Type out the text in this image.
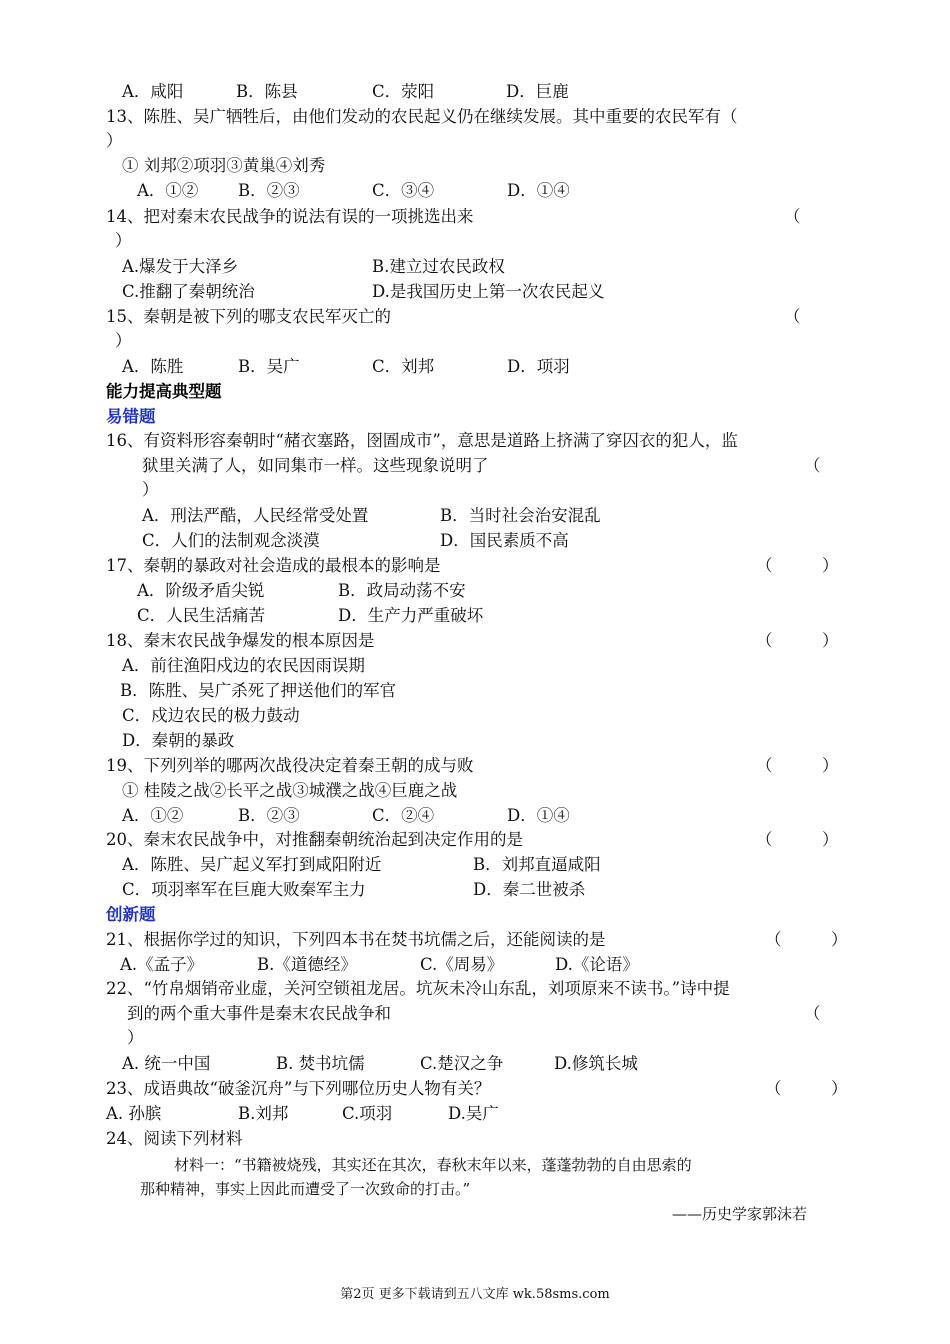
A．咸阳	B．陈县	C．荥阳	D．巨鹿
13、陈胜、吴广牺牲后，由他们发动的农民起义仍在继续发展。其中重要的农民军有（
）
① 刘邦②项羽③黄巢④刘秀
A．①② B．②③	C．③④	D．①④
14、把对秦末农民战争的说法有误的一项挑选出来	（
）
A.爆发于大泽乡	B.建立过农民政权
C.推翻了秦朝统治	D.是我国历史上第一次农民起义
15、秦朝是被下列的哪支农民军灭亡的	（
）
A．陈胜	B．吴广	C．刘邦	D．项羽
能力提高典型题
易错题
16、有资料形容秦朝时“赭衣塞路，囹圄成市”，意思是道路上挤满了穿囚衣的犯人，监
狱里关满了人，如同集市一样。这些现象说明了	（
）
A．刑法严酷，人民经常受处置	B．当时社会治安混乱
C．人们的法制观念淡漠	D．国民素质不高
17、秦朝的暴政对社会造成的最根本的影响是	（　　　）
A．阶级矛盾尖锐	B．政局动荡不安
C．人民生活痛苦	D．生产力严重破坏
18、秦末农民战争爆发的根本原因是	（　　　）
A．前往渔阳戍边的农民因雨误期
B．陈胜、吴广杀死了押送他们的军官
C．戍边农民的极力鼓动
D．秦朝的暴政
19、下列列举的哪两次战役决定着秦王朝的成与败	（　　　）
① 桂陵之战②长平之战③城濮之战④巨鹿之战
A．①②	B．②③	C．②④	D．①④
20、秦末农民战争中，对推翻秦朝统治起到决定作用的是	（　　　）
A．陈胜、吴广起义军打到咸阳附近	B．刘邦直逼咸阳
C．项羽率军在巨鹿大败秦军主力	D．秦二世被杀
创新题
21、根据你学过的知识，下列四本书在焚书坑儒之后，还能阅读的是	（　　　）
A.《孟子》	B.《道德经》	C.《周易》	D.《论语》
22、“竹帛烟销帝业虚，关河空锁祖龙居。坑灰未冷山东乱，刘项原来不读书。”诗中提
到的两个重大事件是秦末农民战争和	（
）
A. 统一中国	B. 焚书坑儒	C.楚汉之争	D.修筑长城
23、成语典故“破釜沉舟”与下列哪位历史人物有关？	（　　　）
A. 孙膑	B.刘邦	C.项羽	D.吴广
24、阅读下列材料
材料一：“书籍被烧残，其实还在其次，春秋末年以来，蓬蓬勃勃的自由思索的
那种精神，事实上因此而遭受了一次致命的打击。”
——历史学家郭沫若
第2页 更多下载请到五八文库 wk.58sms.com
